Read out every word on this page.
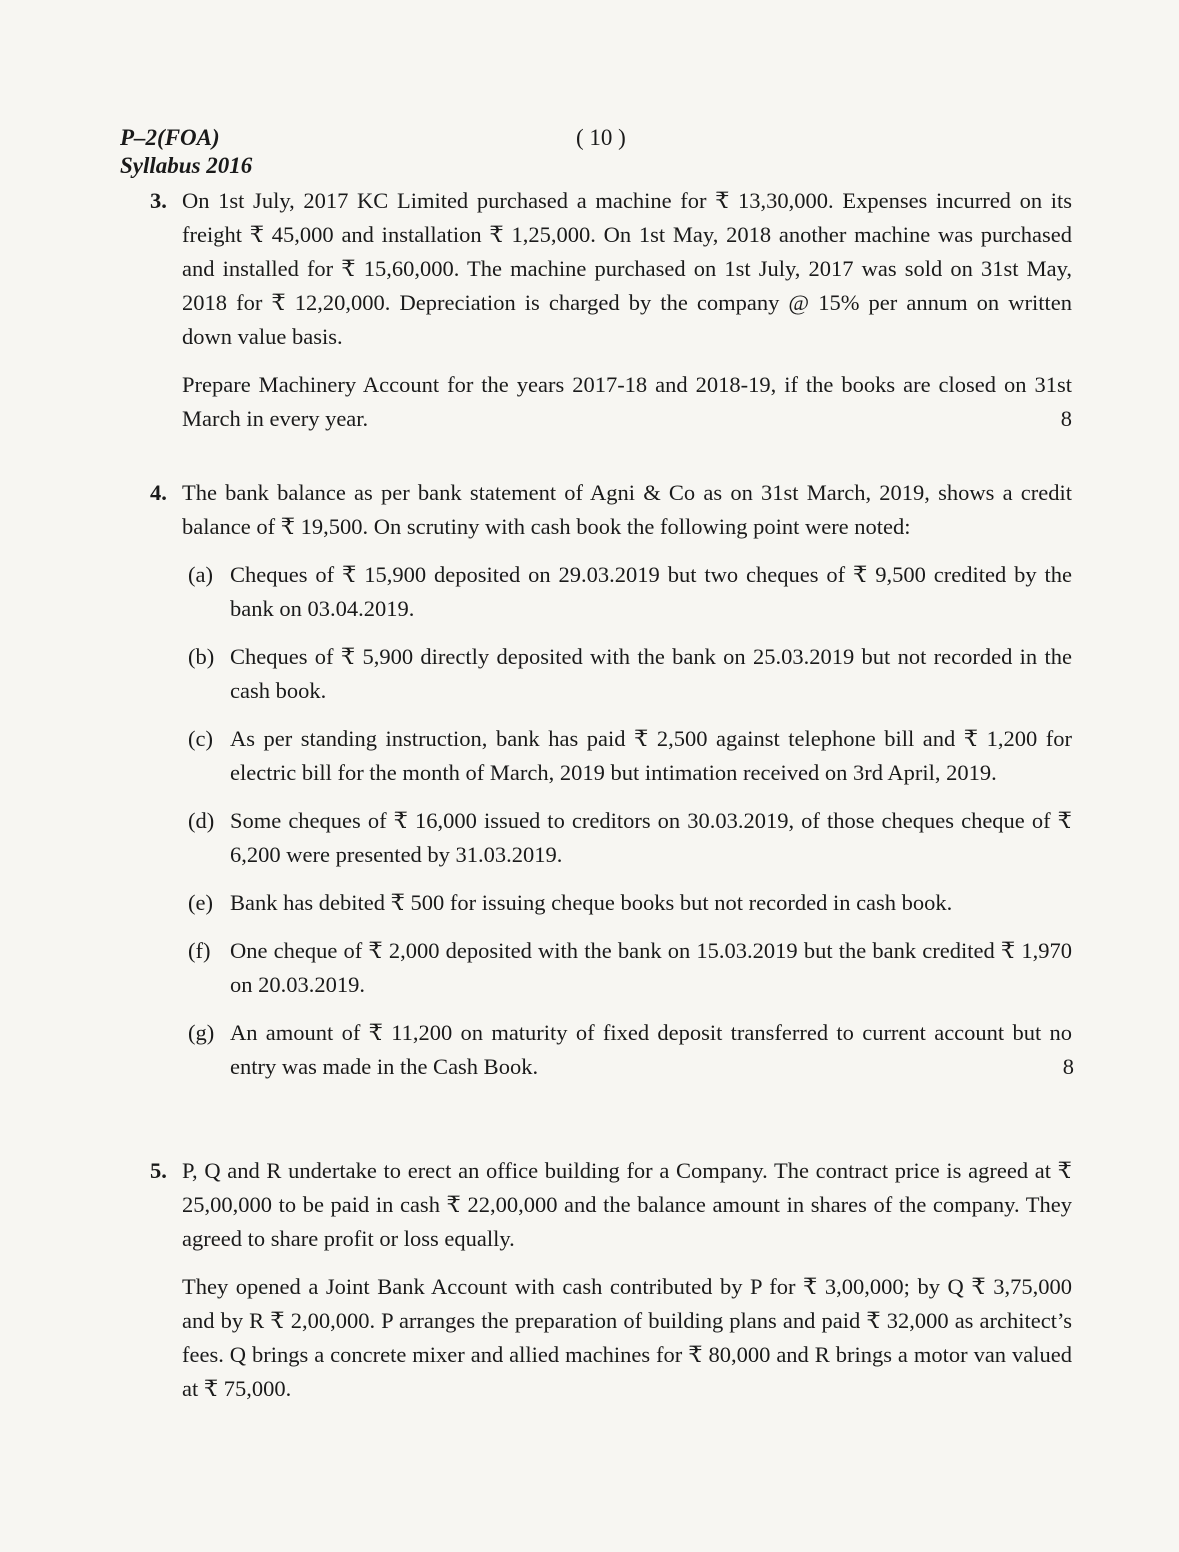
P–2(FOA)
Syllabus 2016
( 10 )
3. On 1st July, 2017 KC Limited purchased a machine for ₹ 13,30,000. Expenses incurred on its freight ₹ 45,000 and installation ₹ 1,25,000. On 1st May, 2018 another machine was purchased and installed for ₹ 15,60,000. The machine purchased on 1st July, 2017 was sold on 31st May, 2018 for ₹ 12,20,000. Depreciation is charged by the company @ 15% per annum on written down value basis.

Prepare Machinery Account for the years 2017-18 and 2018-19, if the books are closed on 31st March in every year.	8

4. The bank balance as per bank statement of Agni & Co as on 31st March, 2019, shows a credit balance of ₹ 19,500. On scrutiny with cash book the following point were noted:

(a) Cheques of ₹ 15,900 deposited on 29.03.2019 but two cheques of ₹ 9,500 credited by the bank on 03.04.2019.
(b) Cheques of ₹ 5,900 directly deposited with the bank on 25.03.2019 but not recorded in the cash book.
(c) As per standing instruction, bank has paid ₹ 2,500 against telephone bill and ₹ 1,200 for electric bill for the month of March, 2019 but intimation received on 3rd April, 2019.
(d) Some cheques of ₹ 16,000 issued to creditors on 30.03.2019, of those cheques cheque of ₹ 6,200 were presented by 31.03.2019.
(e) Bank has debited ₹ 500 for issuing cheque books but not recorded in cash book.
(f) One cheque of ₹ 2,000 deposited with the bank on 15.03.2019 but the bank credited ₹ 1,970 on 20.03.2019.
(g) An amount of ₹ 11,200 on maturity of fixed deposit transferred to current account but no entry was made in the Cash Book.	8
5. P, Q and R undertake to erect an office building for a Company. The contract price is agreed at ₹ 25,00,000 to be paid in cash ₹ 22,00,000 and the balance amount in shares of the company. They agreed to share profit or loss equally.

They opened a Joint Bank Account with cash contributed by P for ₹ 3,00,000; by Q ₹ 3,75,000 and by R ₹ 2,00,000. P arranges the preparation of building plans and paid ₹ 32,000 as architect’s fees. Q brings a concrete mixer and allied machines for ₹ 80,000 and R brings a motor van valued at ₹ 75,000.
